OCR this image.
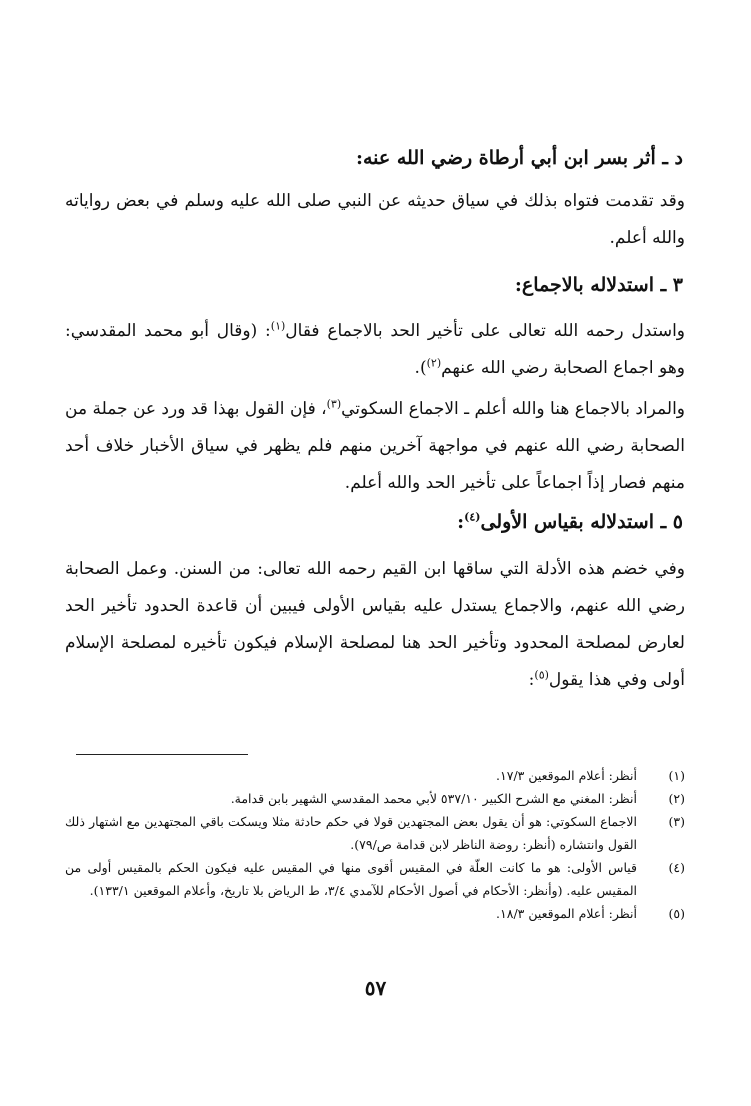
د ـ أثر بسر ابن أبي أرطاة رضي الله عنه:
وقد تقدمت فتواه بذلك في سياق حديثه عن النبي صلى الله عليه وسلم في بعض رواياته والله أعلم.
٣ ـ استدلاله بالاجماع:
واستدل رحمه الله تعالى على تأخير الحد بالاجماع فقال$^{(١)}$: (وقال أبو محمد المقدسي: وهو اجماع الصحابة رضي الله عنهم$^{(٢)}$).
والمراد بالاجماع هنا والله أعلم ـ الاجماع السكوتي$^{(٣)}$، فإن القول بهذا قد ورد عن جملة من الصحابة رضي الله عنهم في مواجهة آخرين منهم فلم يظهر في سياق الأخبار خلاف أحد منهم فصار إذاً اجماعاً على تأخير الحد والله أعلم.
٥ ـ استدلاله بقياس الأولى$^{(٤)}$:
وفي خضم هذه الأدلة التي ساقها ابن القيم رحمه الله تعالى: من السنن. وعمل الصحابة رضي الله عنهم، والاجماع يستدل عليه بقياس الأولى فيبين أن قاعدة الحدود تأخير الحد لعارض لمصلحة المحدود وتأخير الحد هنا لمصلحة الإسلام فيكون تأخيره لمصلحة الإسلام أولى وفي هذا يقول$^{(٥)}$:
(١)
أنظر: أعلام الموقعين ١٧/٣.
(٢)
أنظر: المغني مع الشرح الكبير ٥٣٧/١٠ لأبي محمد المقدسي الشهير بابن قدامة.
(٣)
الاجماع السكوتي: هو أن يقول بعض المجتهدين قولا في حكم حادثة مثلا ويسكت باقي المجتهدين مع اشتهار ذلك القول وانتشاره (أنظر: روضة الناظر لابن قدامة ص/٧٩).
(٤)
قياس الأولى: هو ما كانت العلّة في المقيس أقوى منها في المقيس عليه فيكون الحكم بالمقيس أولى من المقيس عليه. (وأنظر: الأحكام في أصول الأحكام للآمدي ٣/٤، ط الرياض بلا تاريخ، وأعلام الموقعين ١٣٣/١).
(٥)
أنظر: أعلام الموقعين ١٨/٣.
٥٧
